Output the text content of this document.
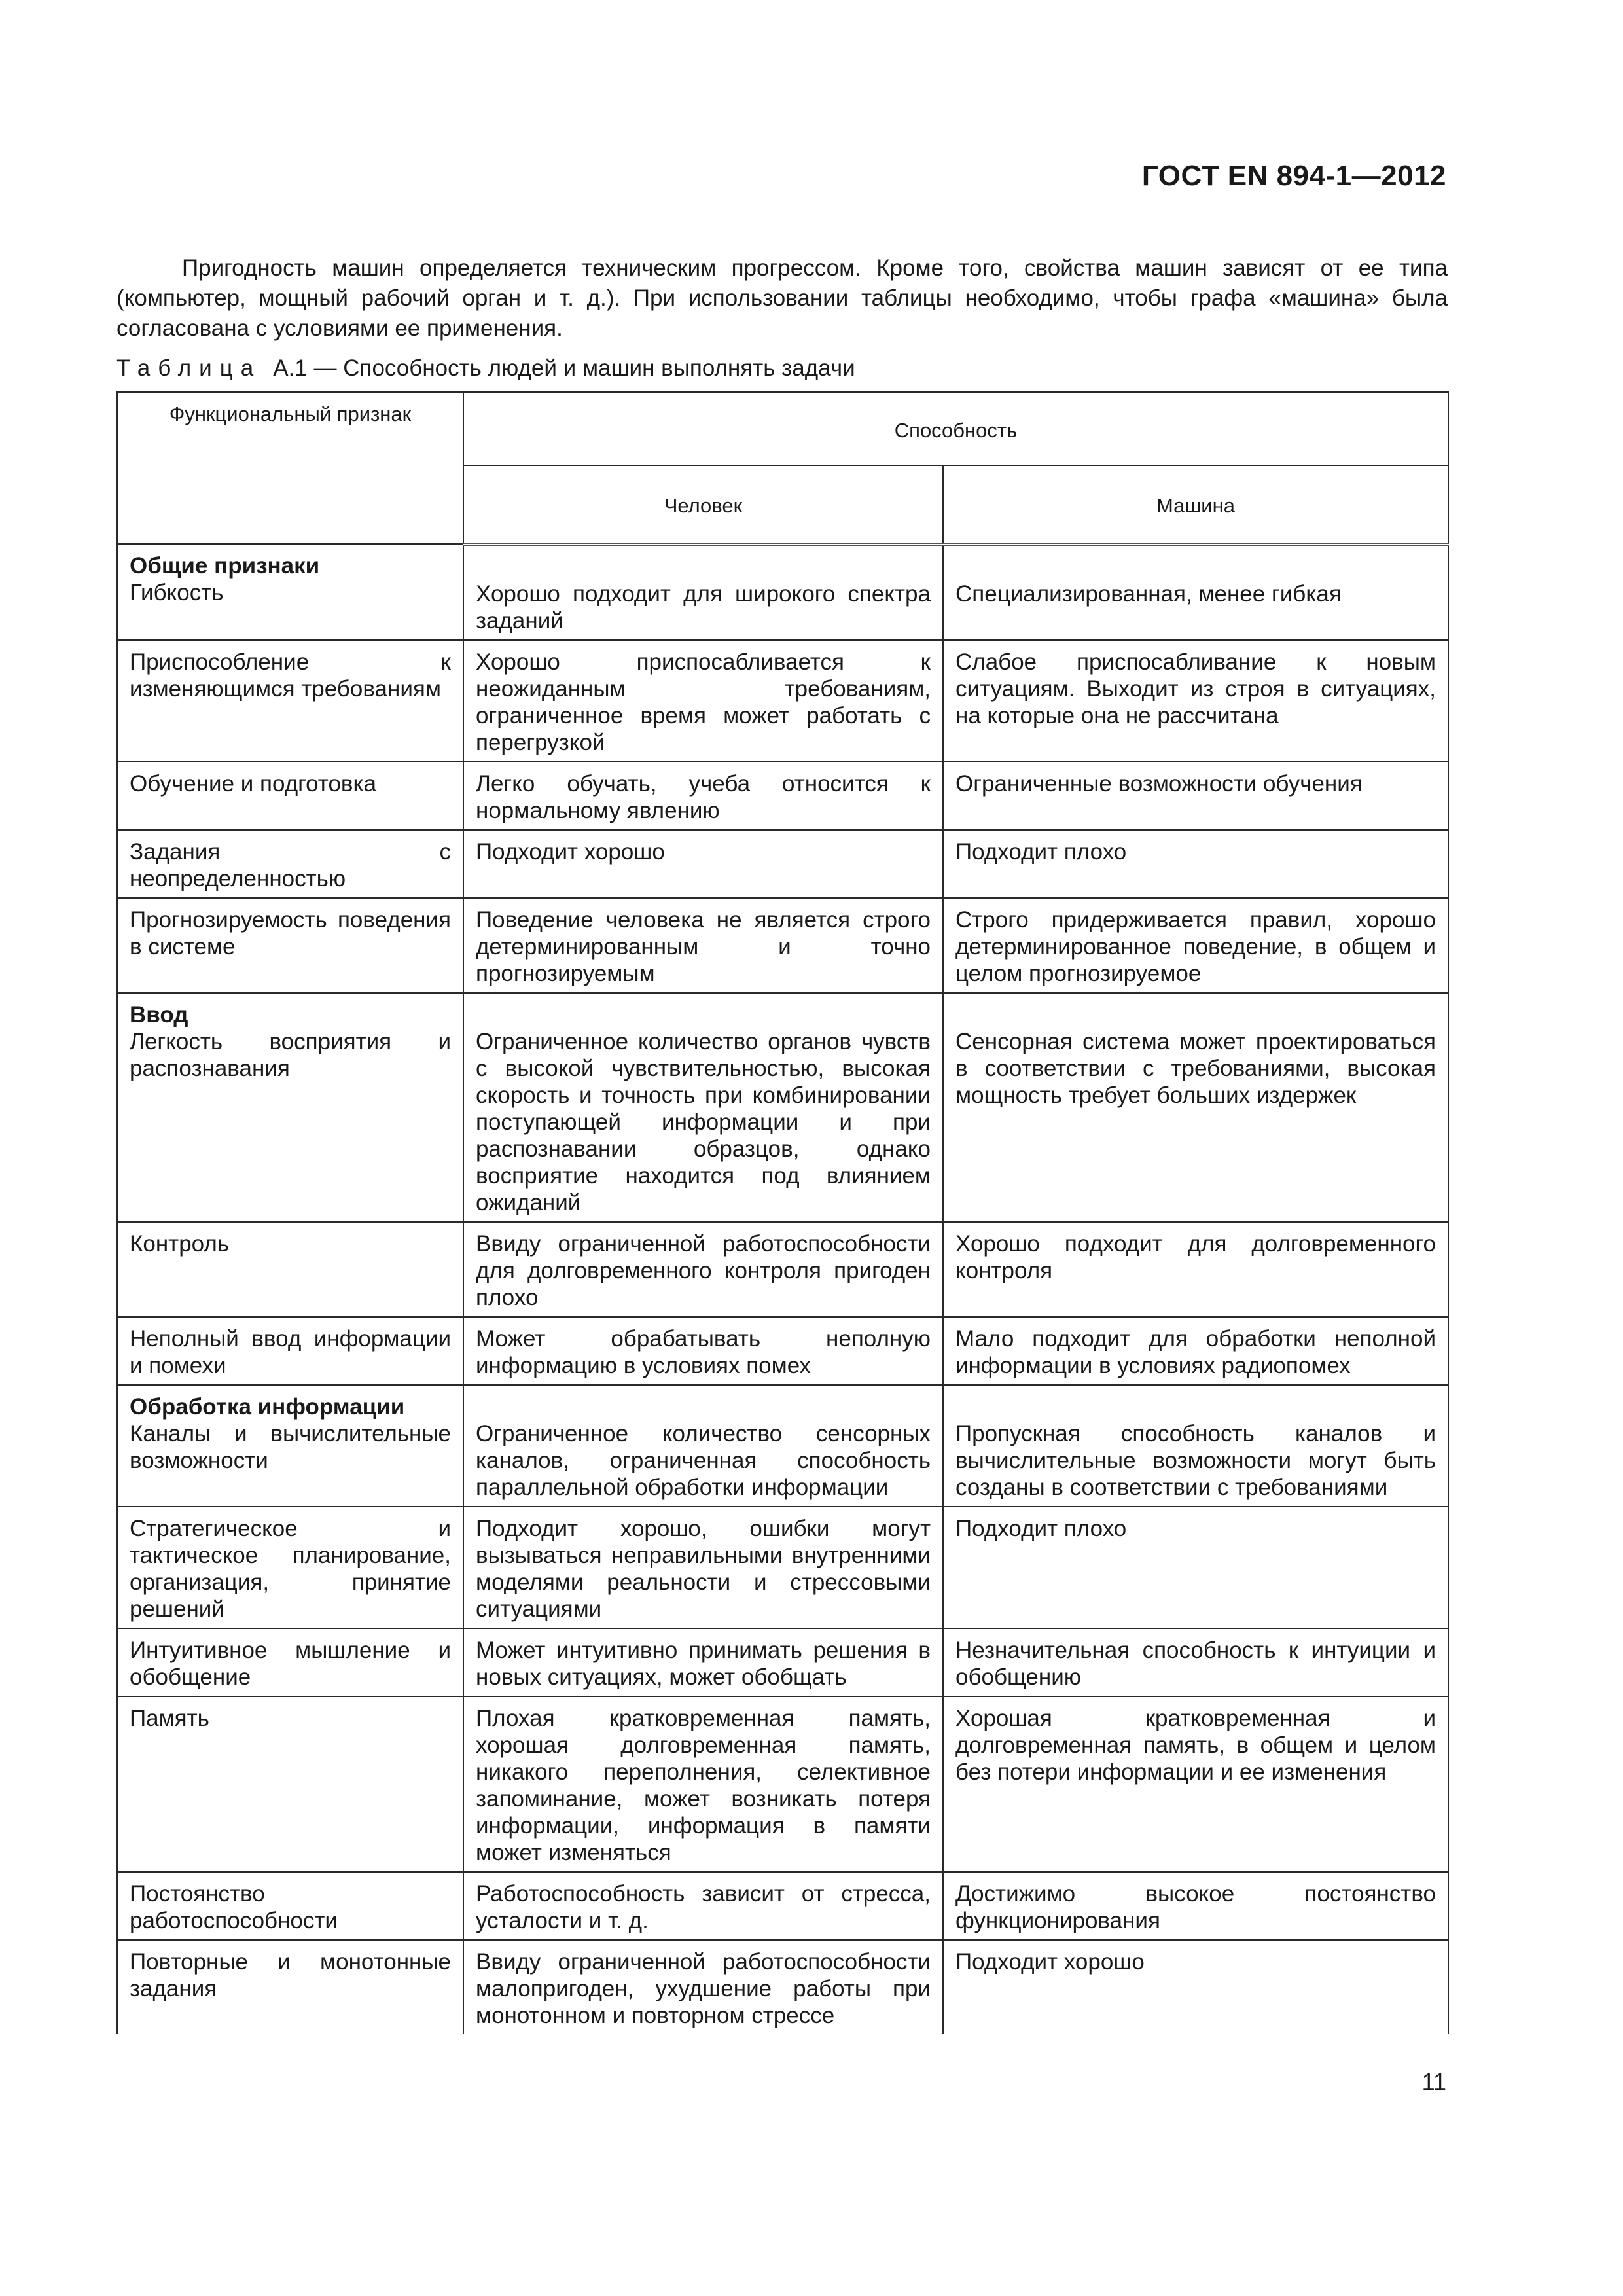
ГОСТ EN 894-1—2012

Пригодность машин определяется техническим прогрессом. Кроме того, свойства машин зависят от ее типа (компьютер, мощный рабочий орган и т. д.). При использовании таблицы необходимо, чтобы графа «машина» была согласована с условиями ее применения.

Таблица А.1 — Способность людей и машин выполнять задачи
Функциональный признак	Способность	
	Человек	Машина

Общие признаки
Гибкость	Хорошо подходит для широкого спектра заданий	Специализированная, менее гибкая

Приспособление к изменяющимся требованиям	Хорошо приспосабливается к неожиданным требованиям, ограниченное время может работать с перегрузкой	Слабое приспосабливание к новым ситуациям. Выходит из строя в ситуациях, на которые она не рассчитана

Обучение и подготовка	Легко обучать, учеба относится к нормальному явлению	Ограниченные возможности обучения

Задания с неопределенностью	Подходит хорошо	Подходит плохо

Прогнозируемость поведения в системе	Поведение человека не является строго детерминированным и точно прогнозируемым	Строго придерживается правил, хорошо детерминированное поведение, в общем и целом прогнозируемое

Ввод
Легкость восприятия и распознавания	Ограниченное количество органов чувств с высокой чувствительностью, высокая скорость и точность при комбинировании поступающей информации и при распознавании образцов, однако восприятие находится под влиянием ожиданий	Сенсорная система может проектироваться в соответствии с требованиями, высокая мощность требует больших издержек

Контроль	Ввиду ограниченной работоспособности для долговременного контроля пригоден плохо	Хорошо подходит для долговременного контроля

Неполный ввод информации и помехи	Может обрабатывать неполную информацию в условиях помех	Мало подходит для обработки неполной информации в условиях радиопомех

Обработка информации
Каналы и вычислительные возможности	Ограниченное количество сенсорных каналов, ограниченная способность параллельной обработки информации	Пропускная способность каналов и вычислительные возможности могут быть созданы в соответствии с требованиями

Стратегическое и тактическое планирование, организация, принятие решений	Подходит хорошо, ошибки могут вызываться неправильными внутренними моделями реальности и стрессовыми ситуациями	Подходит плохо

Интуитивное мышление и обобщение	Может интуитивно принимать решения в новых ситуациях, может обобщать	Незначительная способность к интуиции и обобщению

Память	Плохая кратковременная память, хорошая долговременная память, никакого переполнения, селективное запоминание, может возникать потеря информации, информация в памяти может изменяться	Хорошая кратковременная и долговременная память, в общем и целом без потери информации и ее изменения

Постоянство работоспособности	Работоспособность зависит от стресса, усталости и т. д.	Достижимо высокое постоянство функционирования

Повторные и монотонные задания	Ввиду ограниченной работоспособности малопригоден, ухудшение работы при монотонном и повторном стрессе	Подходит хорошо
11
